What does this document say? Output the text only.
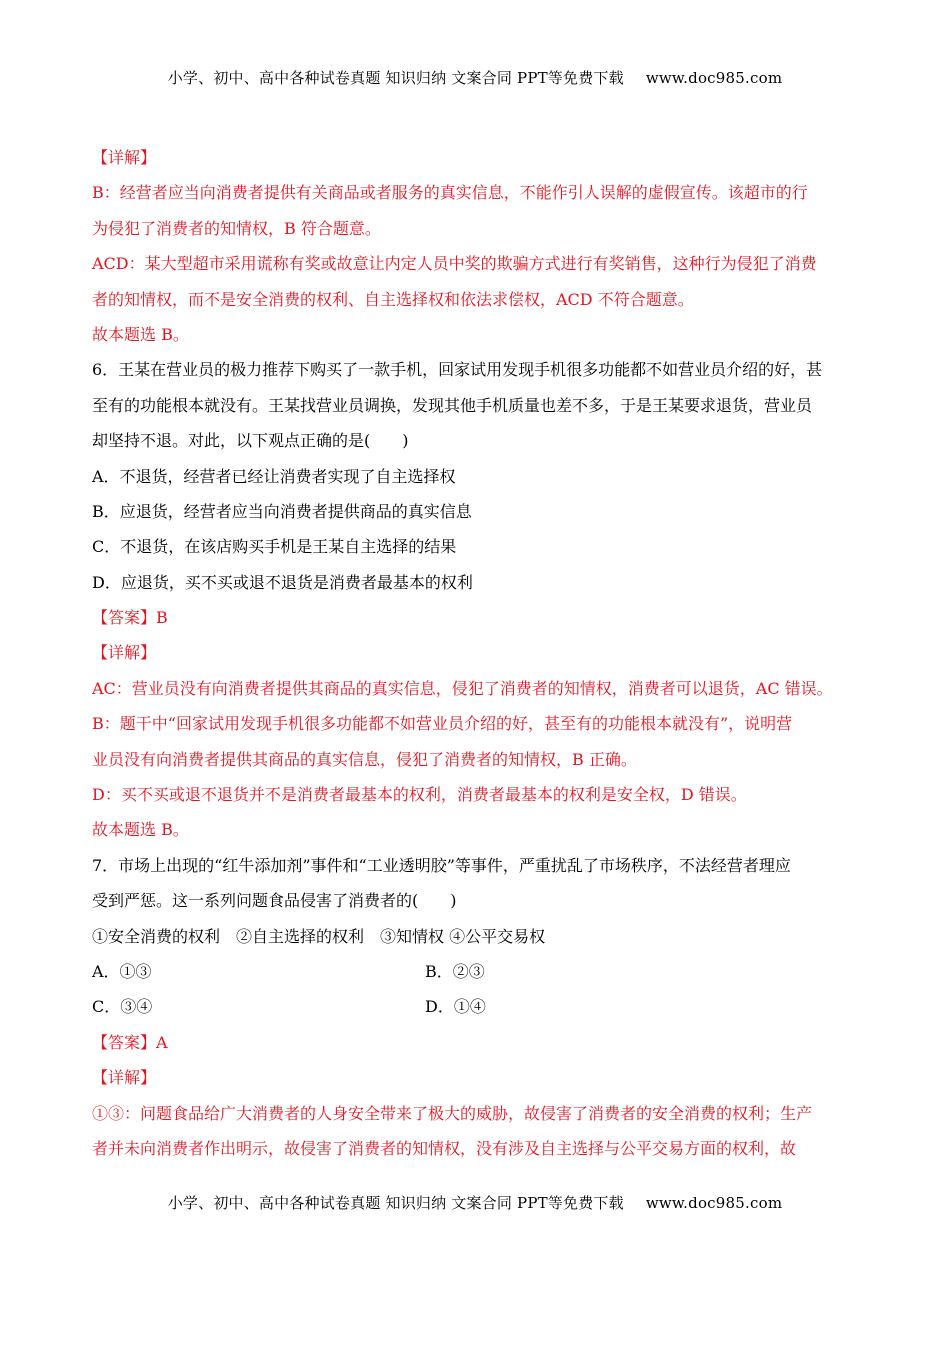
小学、初中、高中各种试卷真题 知识归纳 文案合同 PPT等免费下载 www.doc985.com
【详解】
B：经营者应当向消费者提供有关商品或者服务的真实信息，不能作引人误解的虚假宣传。该超市的行
为侵犯了消费者的知情权，B 符合题意。
ACD：某大型超市采用谎称有奖或故意让内定人员中奖的欺骗方式进行有奖销售，这种行为侵犯了消费
者的知情权，而不是安全消费的权利、自主选择权和依法求偿权，ACD 不符合题意。
故本题选 B。
6．王某在营业员的极力推荐下购买了一款手机，回家试用发现手机很多功能都不如营业员介绍的好，甚
至有的功能根本就没有。王某找营业员调换，发现其他手机质量也差不多，于是王某要求退货，营业员
却坚持不退。对此，以下观点正确的是(　　)
A．不退货，经营者已经让消费者实现了自主选择权
B．应退货，经营者应当向消费者提供商品的真实信息
C．不退货，在该店购买手机是王某自主选择的结果
D．应退货，买不买或退不退货是消费者最基本的权利
【答案】B
【详解】
AC：营业员没有向消费者提供其商品的真实信息，侵犯了消费者的知情权，消费者可以退货，AC 错误。
B：题干中“回家试用发现手机很多功能都不如营业员介绍的好，甚至有的功能根本就没有”，说明营
业员没有向消费者提供其商品的真实信息，侵犯了消费者的知情权，B 正确。
D：买不买或退不退货并不是消费者最基本的权利，消费者最基本的权利是安全权，D 错误。
故本题选 B。
7．市场上出现的“红牛添加剂”事件和“工业透明胶”等事件，严重扰乱了市场秩序，不法经营者理应
受到严惩。这一系列问题食品侵害了消费者的(　　)
①安全消费的权利　②自主选择的权利　③知情权 ④公平交易权
A．①③	B．②③
C．③④	D．①④
【答案】A
【详解】
①③：问题食品给广大消费者的人身安全带来了极大的威胁，故侵害了消费者的安全消费的权利；生产
者并未向消费者作出明示，故侵害了消费者的知情权，没有涉及自主选择与公平交易方面的权利，故
小学、初中、高中各种试卷真题 知识归纳 文案合同 PPT等免费下载 www.doc985.com
